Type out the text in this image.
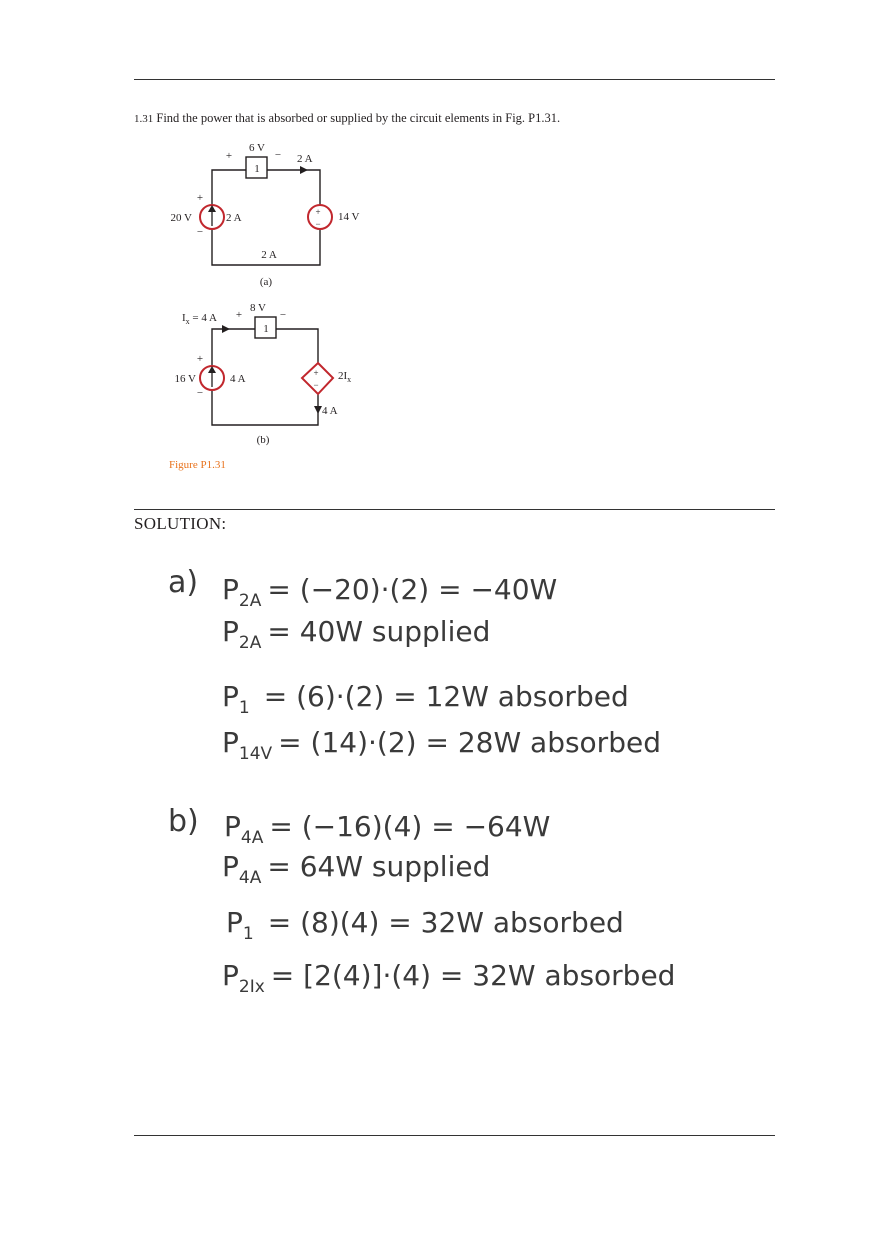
1.31 Find the power that is absorbed or supplied by the circuit elements in Fig. P1.31.
6 V
+	−
1
2 A
+
20 V
−
2 A	+
−
14 V
2 A
(a)
$I_x = 4$ A
8 V
+	−
1
+
16 V
−
4 A	+
−
$2I_x$
4 A
(b)
Figure P1.31
SOLUTION:
a) $P_{2A} = (-20)\cdot(2) = -40W$
$P_{2A} = 40W$ supplied
$P_1 = (6)\cdot(2) = 12W$ absorbed
$P_{14V} = (14)\cdot(2) = 28W$ absorbed
b) $P_{4A} = (-16)(4) = -64W$
$P_{4A} = 64W$ supplied
$P_1 = (8)(4) = 32W$ absorbed
$P_{2Ix} = [2(4)]\cdot(4) = 32W$ absorbed
